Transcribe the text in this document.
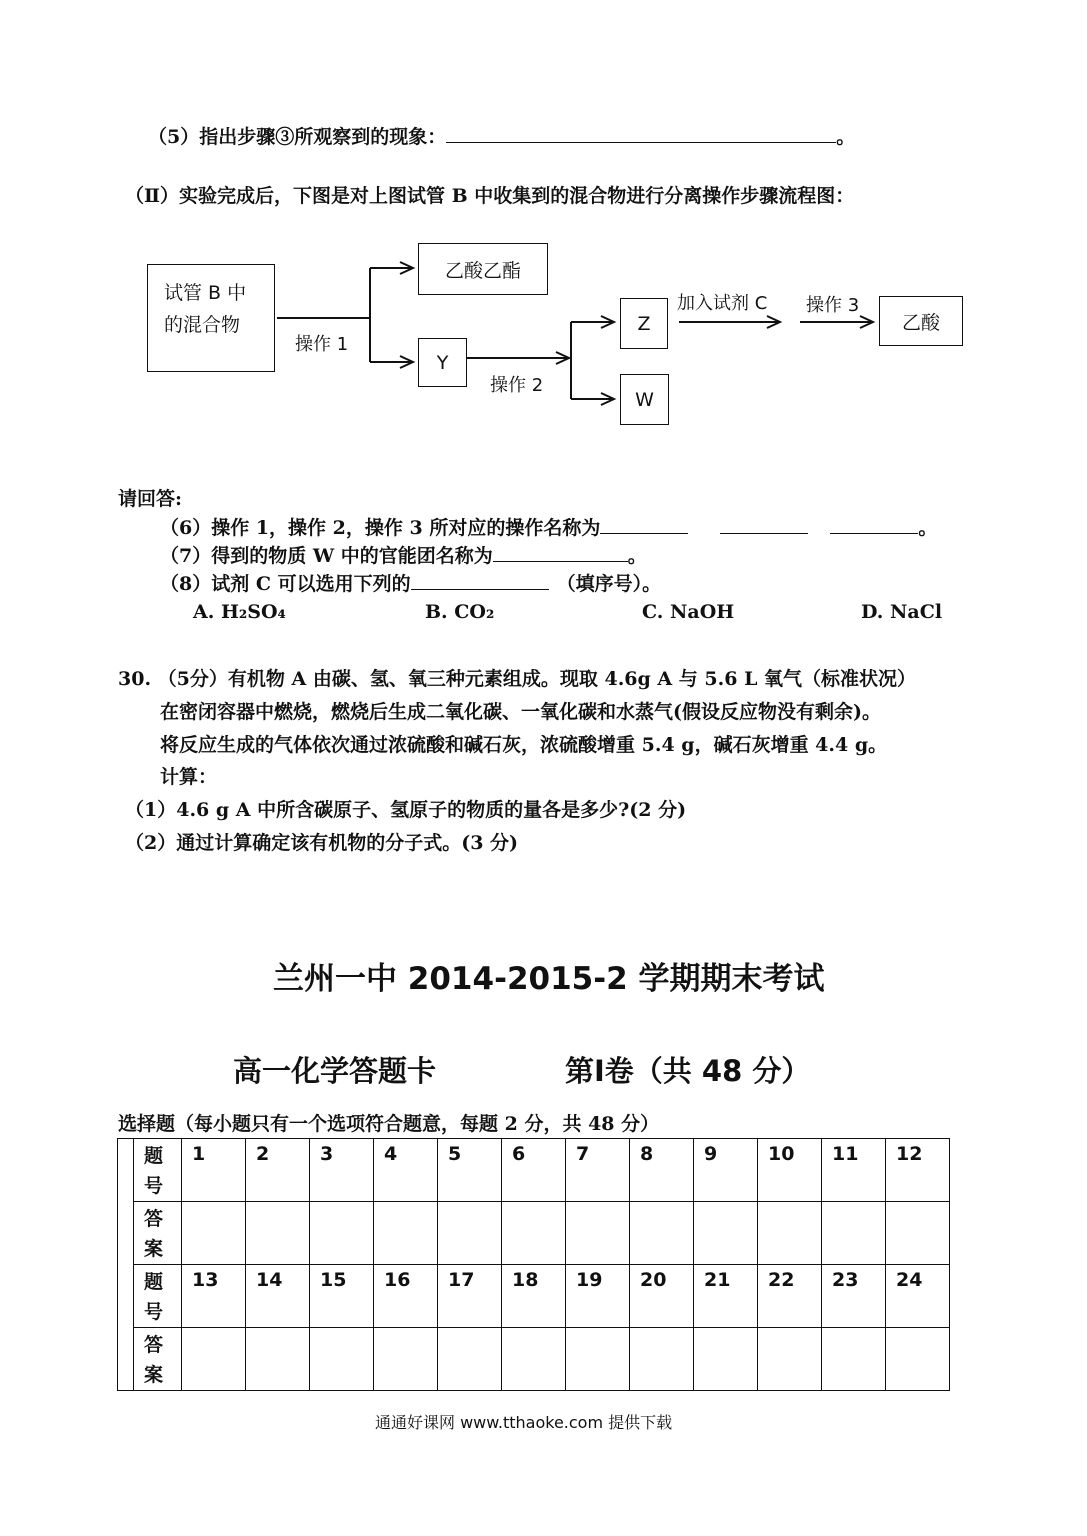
（5）指出步骤③所观察到的现象：	。
（Ⅱ）实验完成后，下图是对上图试管 B 中收集到的混合物进行分离操作步骤流程图：
试管 B 中
的混合物
操作 1
乙酸乙酯
Y
操作 2
Z
W
加入试剂 C 操作 3
乙酸
请回答:
（6）操作 1，操作 2，操作 3 所对应的操作名称为	。
（7）得到的物质 W 中的官能团名称为	。
（8）试剂 C 可以选用下列的	（填序号）。
A. H₂SO₄	B. CO₂	C. NaOH	D. NaCl
30. （5分）有机物 A 由碳、氢、氧三种元素组成。现取 4.6g A 与 5.6 L 氧气（标准状况）
在密闭容器中燃烧，燃烧后生成二氧化碳、一氧化碳和水蒸气(假设反应物没有剩余)。
将反应生成的气体依次通过浓硫酸和碱石灰，浓硫酸增重 5.4 g，碱石灰增重 4.4 g。
计算：
（1）4.6 g A 中所含碳原子、氢原子的物质的量各是多少?(2 分)
（2）通过计算确定该有机物的分子式。(3 分)
兰州一中 2014-2015-2 学期期末考试
高一化学答题卡	第Ⅰ卷（共 48 分）
选择题（每小题只有一个选项符合题意，每题 2 分，共 48 分）
	题
号	1	2	3	4	5	6	7	8	9	10	11	12
	答
案												
	题
号	13	14	15	16	17	18	19	20	21	22	23	24
	答
案												
通通好课网 www.tthaoke.com 提供下载
